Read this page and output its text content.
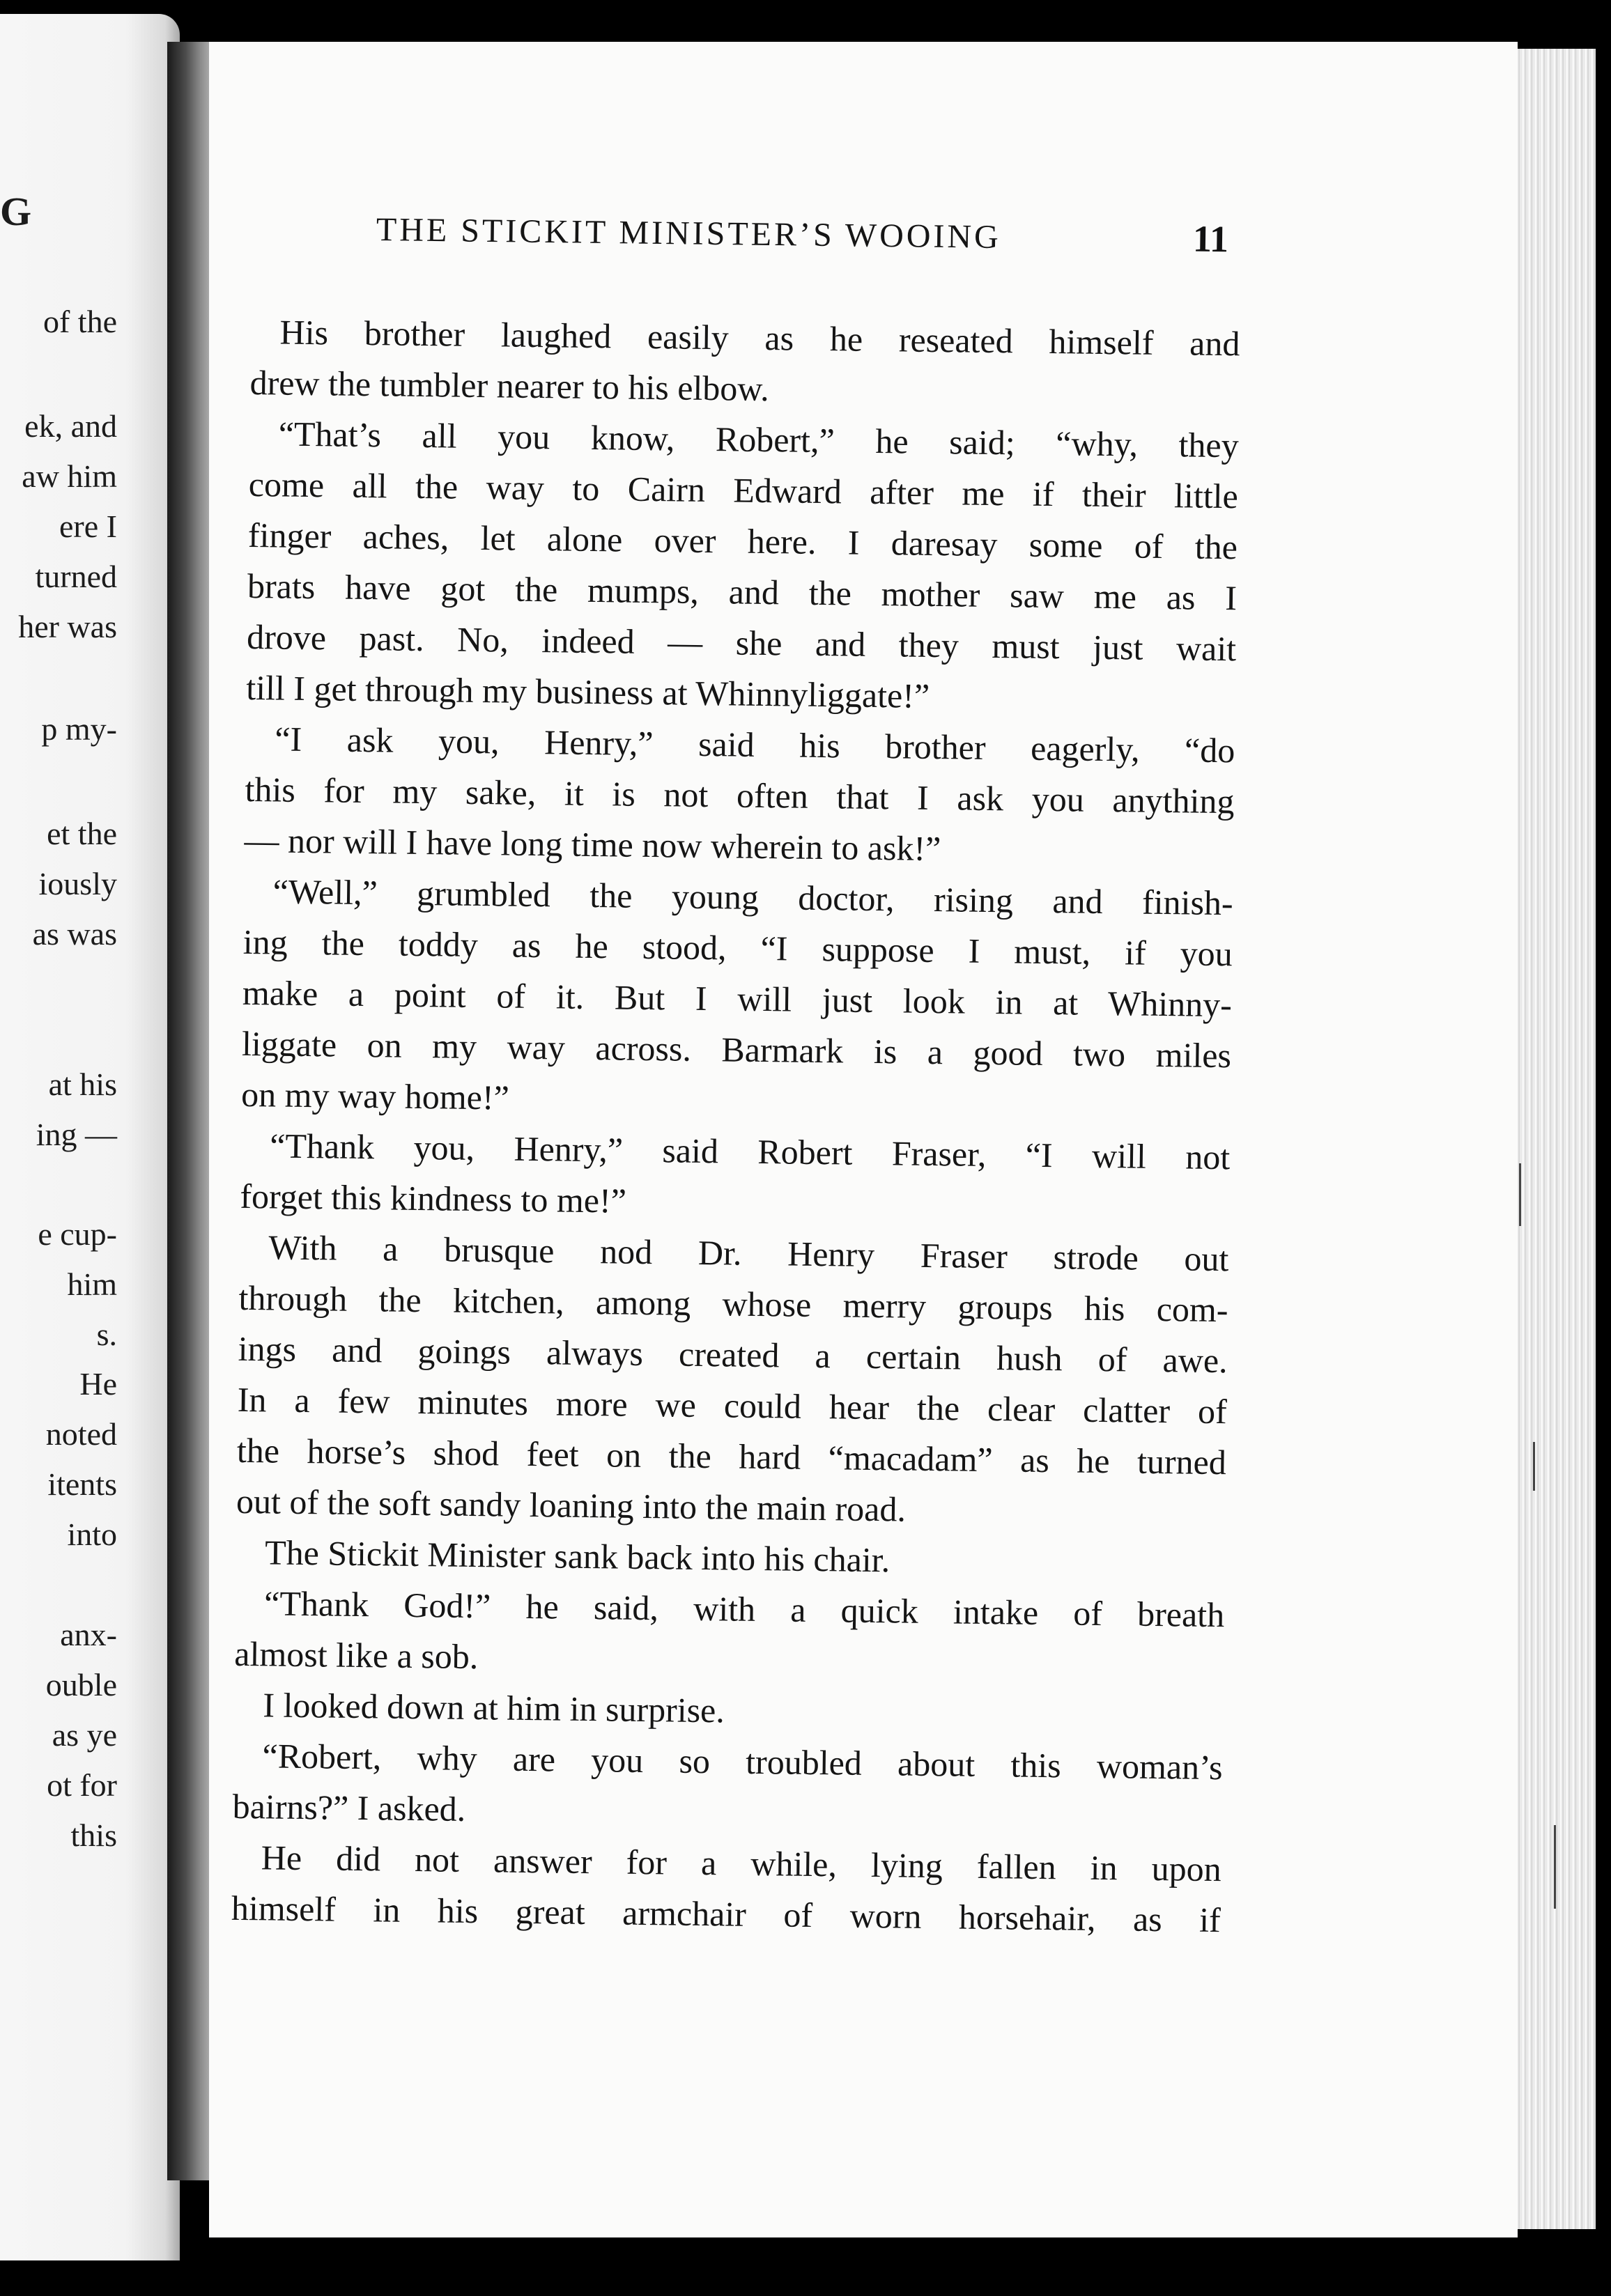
G
of the
ek, and
aw him
ere I
turned
her was
p my-
et the
iously
as was
at his
ing —
e cup-
him
s.
He
noted
itents
into
anx-
ouble
as ye
ot for
this
THE STICKIT MINISTER’S WOOING	11
His brother laughed easily as he reseated himself and
drew the tumbler nearer to his elbow.
“That’s all you know, Robert,” he said; “why, they
come all the way to Cairn Edward after me if their little
finger aches, let alone over here. I daresay some of the
brats have got the mumps, and the mother saw me as I
drove past. No, indeed — she and they must just wait
till I get through my business at Whinnyliggate!”
“I ask you, Henry,” said his brother eagerly, “do
this for my sake, it is not often that I ask you anything
— nor will I have long time now wherein to ask!”
“Well,” grumbled the young doctor, rising and finish-
ing the toddy as he stood, “I suppose I must, if you
make a point of it. But I will just look in at Whinny-
liggate on my way across. Barmark is a good two miles
on my way home!”
“Thank you, Henry,” said Robert Fraser, “I will not
forget this kindness to me!”
With a brusque nod Dr. Henry Fraser strode out
through the kitchen, among whose merry groups his com-
ings and goings always created a certain hush of awe.
In a few minutes more we could hear the clear clatter of
the horse’s shod feet on the hard “macadam” as he turned
out of the soft sandy loaning into the main road.
The Stickit Minister sank back into his chair.
“Thank God!” he said, with a quick intake of breath
almost like a sob.
I looked down at him in surprise.
“Robert, why are you so troubled about this woman’s
bairns?” I asked.
He did not answer for a while, lying fallen in upon
himself in his great armchair of worn horsehair, as if
